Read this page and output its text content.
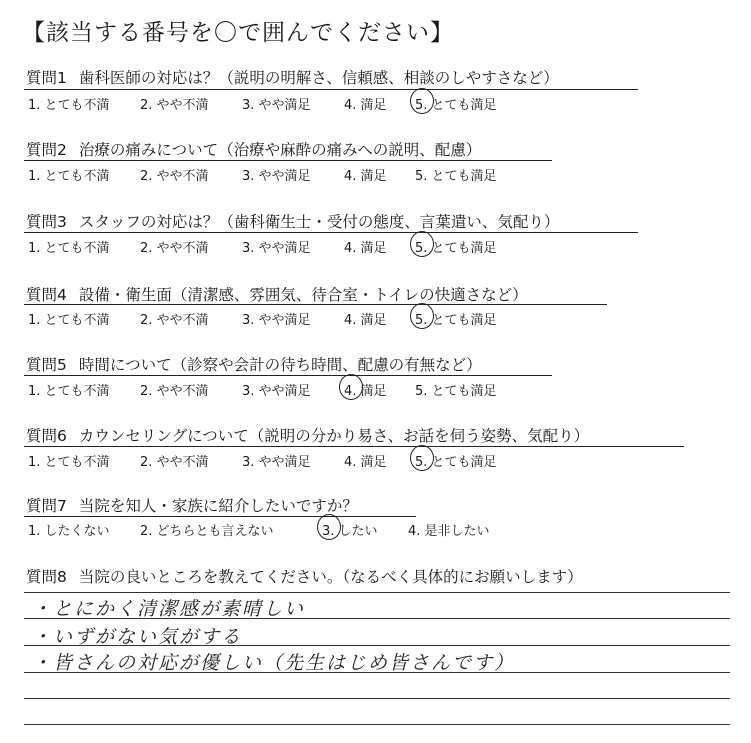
【該当する番号を〇で囲んでください】
質問1 歯科医師の対応は？（説明の明解さ、信頼感、相談のしやすさなど）
1. とても不満 2. やや不満	3. やや満足	4. 満足 5. とても満足
質問2 治療の痛みについて（治療や麻酔の痛みへの説明、配慮）
1. とても不満 2. やや不満	3. やや満足	4. 満足 5. とても満足
質問3 スタッフの対応は？（歯科衛生士・受付の態度、言葉遣い、気配り）
1. とても不満 2. やや不満	3. やや満足	4. 満足 5. とても満足
質問4 設備・衛生面（清潔感、雰囲気、待合室・トイレの快適さなど）
1. とても不満 2. やや不満	3. やや満足	4. 満足 5. とても満足
質問5 時間について（診察や会計の待ち時間、配慮の有無など）
1. とても不満 2. やや不満	3. やや満足	4. 満足 5. とても満足
質問6 カウンセリングについて（説明の分かり易さ、お話を伺う姿勢、気配り）
1. とても不満 2. やや不満	3. やや満足	4. 満足 5. とても満足
質問7 当院を知人・家族に紹介したいですか？
1. したくない 2. どちらとも言えない	3. したい 4. 是非したい
質問8 当院の良いところを教えてください。（なるべく具体的にお願いします）
・とにかく清潔感が素晴しい
・いずがない気がする
・皆さんの対応が優しい（先生はじめ皆さんです）
